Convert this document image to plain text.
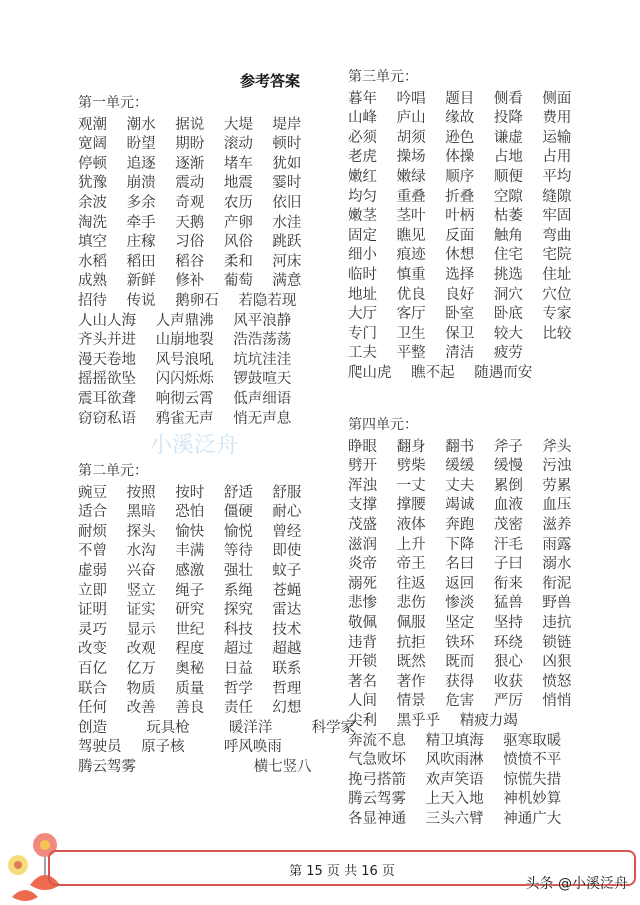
小溪泛舟
参考答案
第一单元：
观潮 潮水 据说 大堤 堤岸
宽阔 盼望 期盼 滚动 顿时
停顿 追逐 逐渐 堵车 犹如
犹豫 崩溃 震动 地震 霎时
余波 多余 奇观 农历 依旧
淘洗 牵手 天鹅 产卵 水洼
填空 庄稼 习俗 风俗 跳跃
水稻 稻田 稻谷 柔和 河床
成熟 新鲜 修补 葡萄 满意
招待 传说 鹅卵石 若隐若现
人山人海 人声鼎沸 风平浪静
齐头并进 山崩地裂 浩浩荡荡
漫天卷地 风号浪吼 坑坑洼洼
摇摇欲坠 闪闪烁烁 锣鼓喧天
震耳欲聋 响彻云霄 低声细语
窃窃私语 鸦雀无声 悄无声息
第二单元：
豌豆 按照 按时 舒适 舒服
适合 黑暗 恐怕 僵硬 耐心
耐烦 探头 愉快 愉悦 曾经
不曾 水沟 丰满 等待 即使
虚弱 兴奋 感激 强壮 蚊子
立即 竖立 绳子 系绳 苍蝇
证明 证实 研究 探究 雷达
灵巧 显示 世纪 科技 技术
改变 改观 程度 超过 超越
百亿 亿万 奥秘 日益 联系
联合 物质 质量 哲学 哲理
任何 改善 善良 责任 幻想
创造  玩具枪  暖洋洋  科学家
驾驶员 原子核  呼风唤雨
腾云驾雾      横七竖八
第三单元：
暮年 吟唱 题目 侧看 侧面
山峰 庐山 缘故 投降 费用
必须 胡须 逊色 谦虚 运输
老虎 操场 体操 占地 占用
嫩红 嫩绿 顺序 顺便 平均
均匀 重叠 折叠 空隙 缝隙
嫩茎 茎叶 叶柄 枯萎 牢固
固定 瞧见 反面 触角 弯曲
细小 痕迹 休想 住宅 宅院
临时 慎重 选择 挑选 住址
地址 优良 良好 洞穴 穴位
大厅 客厅 卧室 卧底 专家
专门 卫生 保卫 较大 比较
工夫 平整 清洁 疲劳
爬山虎 瞧不起 随遇而安
第四单元：
睁眼 翻身 翻书 斧子 斧头
劈开 劈柴 缓缓 缓慢 污浊
浑浊 一丈 丈夫 累倒 劳累
支撑 撑腰 竭诚 血液 血压
茂盛 液体 奔跑 茂密 滋养
滋润 上升 下降 汗毛 雨露
炎帝 帝王 名曰 子曰 溺水
溺死 往返 返回 衔来 衔泥
悲惨 悲伤 惨淡 猛兽 野兽
敬佩 佩服 坚定 坚持 违抗
违背 抗拒 铁环 环绕 锁链
开锁 既然 既而 狠心 凶狠
著名 著作 获得 收获 愤怒
人间 情景 危害 严厉 悄悄
尖利 黑乎乎 精疲力竭
奔流不息 精卫填海 驱寒取暖
气急败坏 风吹雨淋 愤愤不平
挽弓搭箭 欢声笑语 惊慌失措
腾云驾雾 上天入地 神机妙算
各显神通 三头六臂 神通广大
第 15 页 共 16 页
头条 @小溪泛舟
